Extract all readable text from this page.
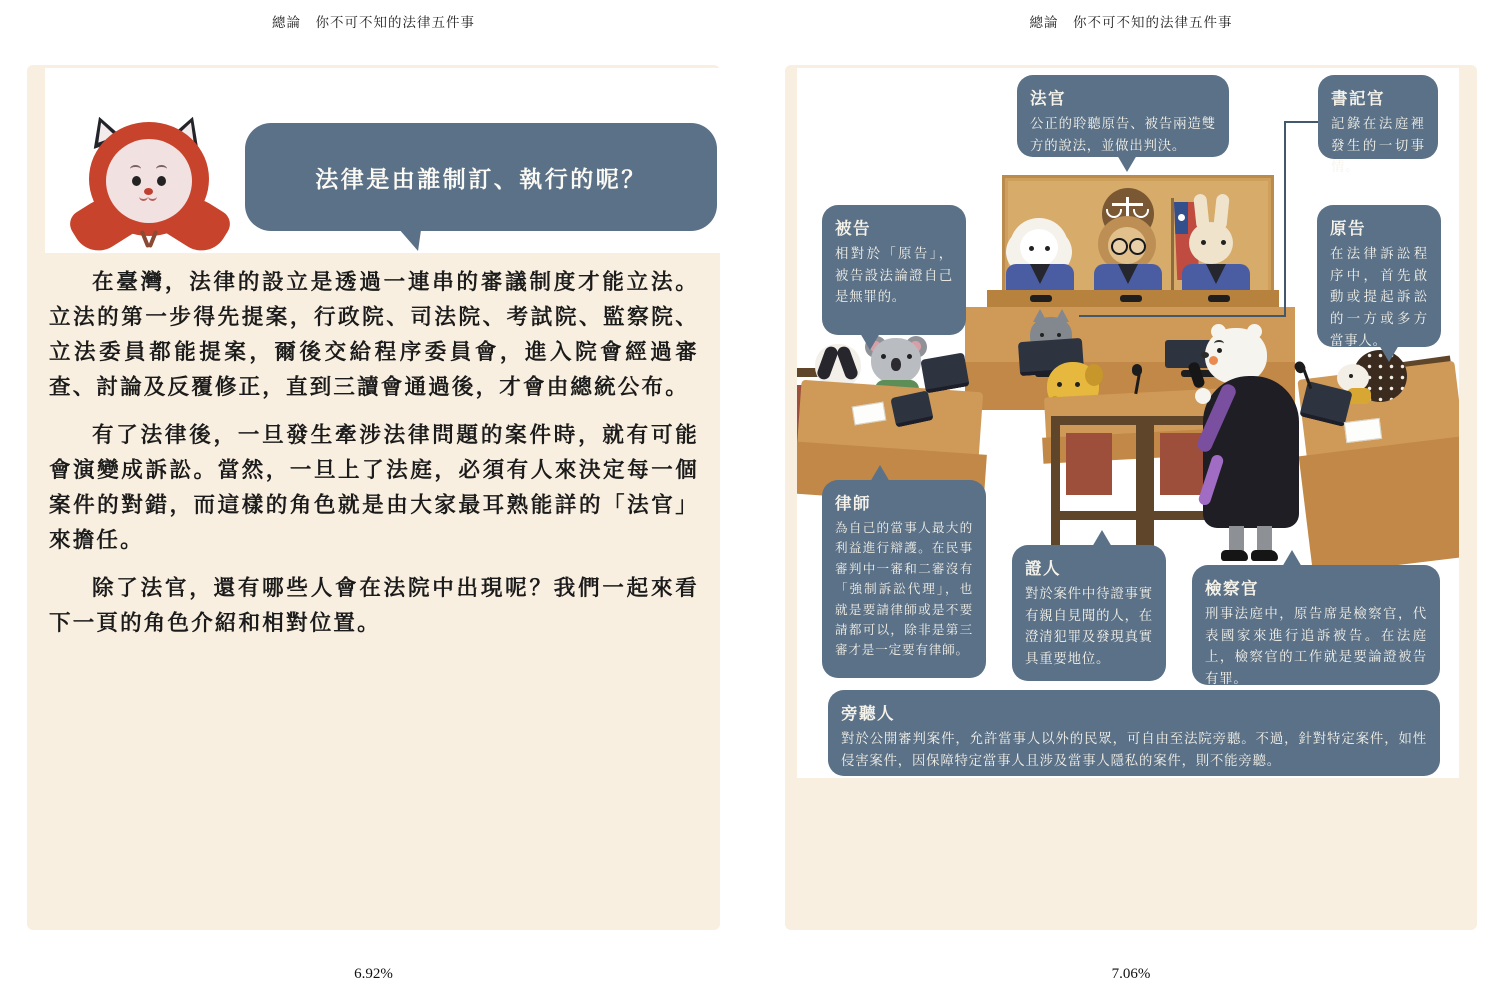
總論　你不可不知的法律五件事	總論　你不可不知的法律五件事
法律是由誰制訂、執行的呢？

在臺灣，法律的設立是透過一連串的審議制度才能立法。立法的第一步得先提案，行政院、司法院、考試院、監察院、立法委員都能提案，爾後交給程序委員會，進入院會經過審查、討論及反覆修正，直到三讀會通過後，才會由總統公布。

有了法律後，一旦發生牽涉法律問題的案件時，就有可能會演變成訴訟。當然，一旦上了法庭，必須有人來決定每一個案件的對錯，而這樣的角色就是由大家最耳熟能詳的「法官」來擔任。

除了法官，還有哪些人會在法院中出現呢？我們一起來看下一頁的角色介紹和相對位置。

法官
公正的聆聽原告、被告兩造雙方的說法，並做出判決。
書記官
記錄在法庭裡發生的一切事情。
被告
相對於「原告」，被告設法論證自己是無罪的。
原告
在法律訴訟程序中，首先啟動或提起訴訟的一方或多方當事人。
律師
為自己的當事人最大的利益進行辯護。在民事審判中一審和二審沒有「強制訴訟代理」，也就是要請律師或是不要請都可以，除非是第三審才是一定要有律師。
證人
對於案件中待證事實有親自見聞的人，在澄清犯罪及發現真實具重要地位。
檢察官
刑事法庭中，原告席是檢察官，代表國家來進行追訴被告。在法庭上，檢察官的工作就是要論證被告有罪。
旁聽人
對於公開審判案件，允許當事人以外的民眾，可自由至法院旁聽。不過，針對特定案件，如性侵害案件，因保障特定當事人且涉及當事人隱私的案件，則不能旁聽。
6.92%	7.06%
